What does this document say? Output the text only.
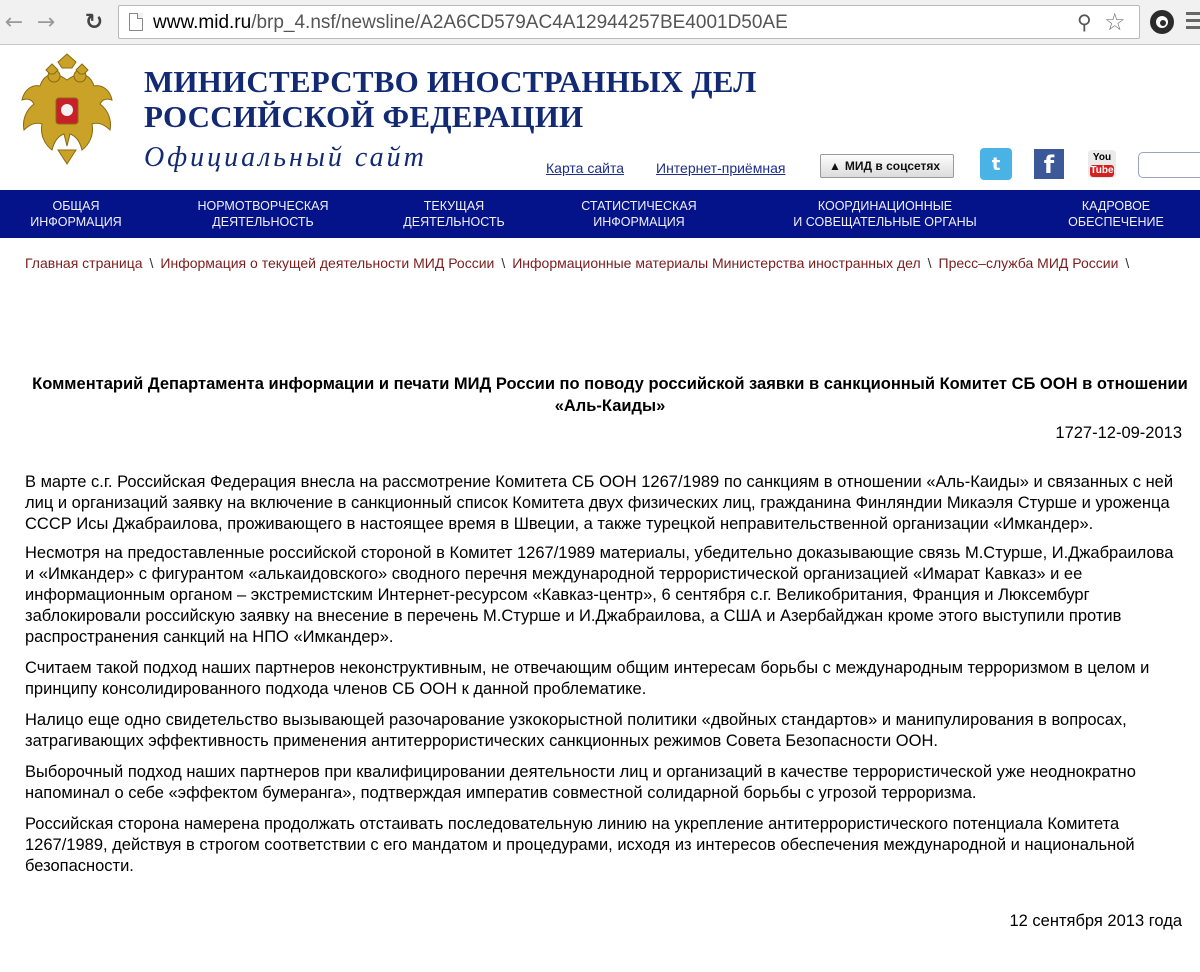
← → ↻	www.mid.ru/brp_4.nsf/newsline/A2A6CD579AC4A12944257BE4001D50AE	⚲ ☆
МИНИСТЕРСТВО ИНОСТРАННЫХ ДЕЛ
РОССИЙСКОЙ ФЕДЕРАЦИИ
Официальный сайт	Карта сайта Интернет-приёмная	▲ МИД в соцсетях	t	f	You
Tube
ОБЩАЯ
ИНФОРМАЦИЯ
НОРМОТВОРЧЕСКАЯ
ДЕЯТЕЛЬНОСТЬ
ТЕКУЩАЯ
ДЕЯТЕЛЬНОСТЬ
СТАТИСТИЧЕСКАЯ
ИНФОРМАЦИЯ
КООРДИНАЦИОННЫЕ
И СОВЕЩАТЕЛЬНЫЕ ОРГАНЫ
КАДРОВОЕ
ОБЕСПЕЧЕНИЕ
Главная страница \ Информация о текущей деятельности МИД России \ Информационные материалы Министерства иностранных дел \ Пресс–служба МИД России \
Комментарий Департамента информации и печати МИД России по поводу российской заявки в санкционный Комитет СБ ООН в отношении «Аль-Каиды»
1727-12-09-2013

В марте с.г. Российская Федерация внесла на рассмотрение Комитета СБ ООН 1267/1989 по санкциям в отношении «Аль-Каиды» и связанных с ней лиц и организаций заявку на включение в санкционный список Комитета двух физических лиц, гражданина Финляндии Микаэля Стурше и уроженца СССР Исы Джабраилова, проживающего в настоящее время в Швеции, а также турецкой неправительственной организации «Имкандер».

Несмотря на предоставленные российской стороной в Комитет 1267/1989 материалы, убедительно доказывающие связь М.Стурше, И.Джабраилова и «Имкандер» с фигурантом «алькаидовского» сводного перечня международной террористической организацией «Имарат Кавказ» и ее информационным органом – экстремистским Интернет-ресурсом «Кавказ-центр», 6 сентября с.г. Великобритания, Франция и Люксембург заблокировали российскую заявку на внесение в перечень М.Стурше и И.Джабраилова, а США и Азербайджан кроме этого выступили против распространения санкций на НПО «Имкандер».

Считаем такой подход наших партнеров неконструктивным, не отвечающим общим интересам борьбы с международным терроризмом в целом и принципу консолидированного подхода членов СБ ООН к данной проблематике.

Налицо еще одно свидетельство вызывающей разочарование узкокорыстной политики «двойных стандартов» и манипулирования в вопросах, затрагивающих эффективность применения антитеррористических санкционных режимов Совета Безопасности ООН.

Выборочный подход наших партнеров при квалифицировании деятельности лиц и организаций в качестве террористической уже неоднократно напоминал о себе «эффектом бумеранга», подтверждая императив совместной солидарной борьбы с угрозой терроризма.

Российская сторона намерена продолжать отстаивать последовательную линию на укрепление антитеррористического потенциала Комитета 1267/1989, действуя в строгом соответствии с его мандатом и процедурами, исходя из интересов обеспечения международной и национальной безопасности.

12 сентября 2013 года
